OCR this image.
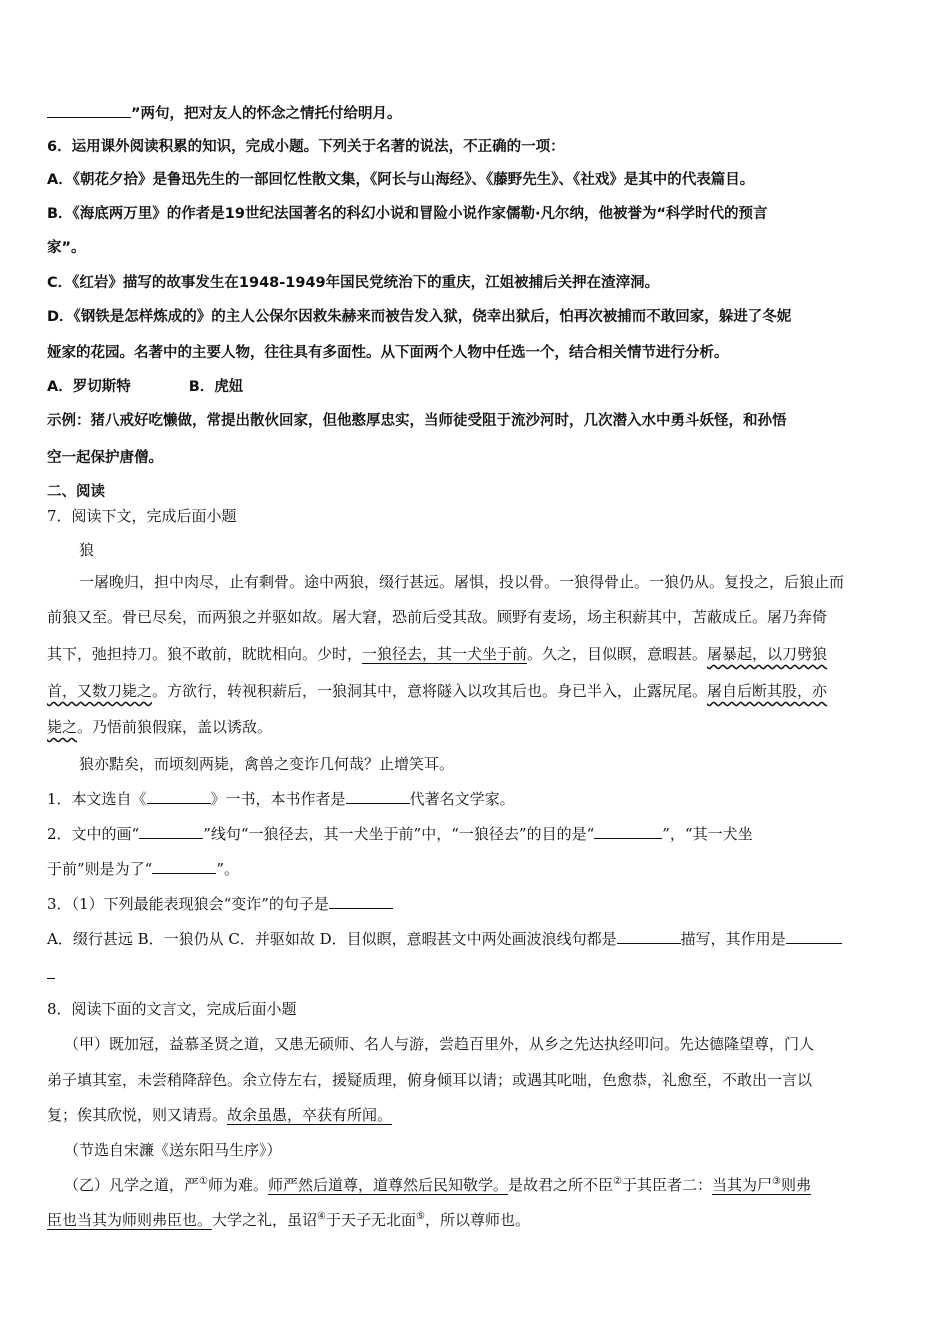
”两句，把对友人的怀念之情托付给明月。
6．运用课外阅读积累的知识，完成小题。下列关于名著的说法，不正确的一项：
A．《朝花夕拾》是鲁迅先生的一部回忆性散文集，《阿长与山海经》、《藤野先生》、《社戏》是其中的代表篇目。
B．《海底两万里》的作者是19世纪法国著名的科幻小说和冒险小说作家儒勒·凡尔纳，他被誉为“科学时代的预言
家”。
C．《红岩》描写的故事发生在1948-1949年国民党统治下的重庆，江姐被捕后关押在渣滓洞。
D．《钢铁是怎样炼成的》的主人公保尔因救朱赫来而被告发入狱，侥幸出狱后，怕再次被捕而不敢回家，躲进了冬妮
娅家的花园。名著中的主要人物，往往具有多面性。从下面两个人物中任选一个，结合相关情节进行分析。
A．罗切斯特	B．虎妞
示例：猪八戒好吃懒做，常提出散伙回家，但他憨厚忠实，当师徒受阻于流沙河时，几次潜入水中勇斗妖怪，和孙悟
空一起保护唐僧。
二、阅读
7．阅读下文，完成后面小题
狼
一屠晚归，担中肉尽，止有剩骨。途中两狼，缀行甚远。屠惧，投以骨。一狼得骨止。一狼仍从。复投之，后狼止而
前狼又至。骨已尽矣，而两狼之并驱如故。屠大窘，恐前后受其敌。顾野有麦场，场主积薪其中，苫蔽成丘。屠乃奔倚
其下，弛担持刀。狼不敢前，眈眈相向。少时，一狼径去，其一犬坐于前。久之，目似瞑，意暇甚。屠暴起，以刀劈狼
首，又数刀毙之。方欲行，转视积薪后，一狼洞其中，意将隧入以攻其后也。身已半入，止露尻尾。屠自后断其股，亦
毙之。乃悟前狼假寐，盖以诱敌。
狼亦黠矣，而顷刻两毙，禽兽之变诈几何哉？止增笑耳。
1．本文选自《	》一书，本书作者是	代著名文学家。
2．文中的画“	”线句“一狼径去，其一犬坐于前”中，“一狼径去”的目的是“	”，“其一犬坐
于前”则是为了“	”。
3．（1）下列最能表现狼会“变诈”的句子是
A．缀行甚远 B．一狼仍从 C．并驱如故 D．目似瞑，意暇甚文中两处画波浪线句都是	描写，其作用是
8．阅读下面的文言文，完成后面小题
（甲）既加冠，益慕圣贤之道，又患无硕师、名人与游，尝趋百里外，从乡之先达执经叩问。先达德隆望尊，门人
弟子填其室，未尝稍降辞色。余立侍左右，援疑质理，俯身倾耳以请；或遇其叱咄，色愈恭，礼愈至，不敢出一言以
复；俟其欣悦，则又请焉。故余虽愚，卒获有所闻。
（节选自宋濂《送东阳马生序》）
（乙）凡学之道，严①师为难。师严然后道尊，道尊然后民知敬学。是故君之所不臣②于其臣者二：当其为尸③则弗
臣也当其为师则弗臣也。大学之礼，虽诏④于天子无北面⑤，所以尊师也。
